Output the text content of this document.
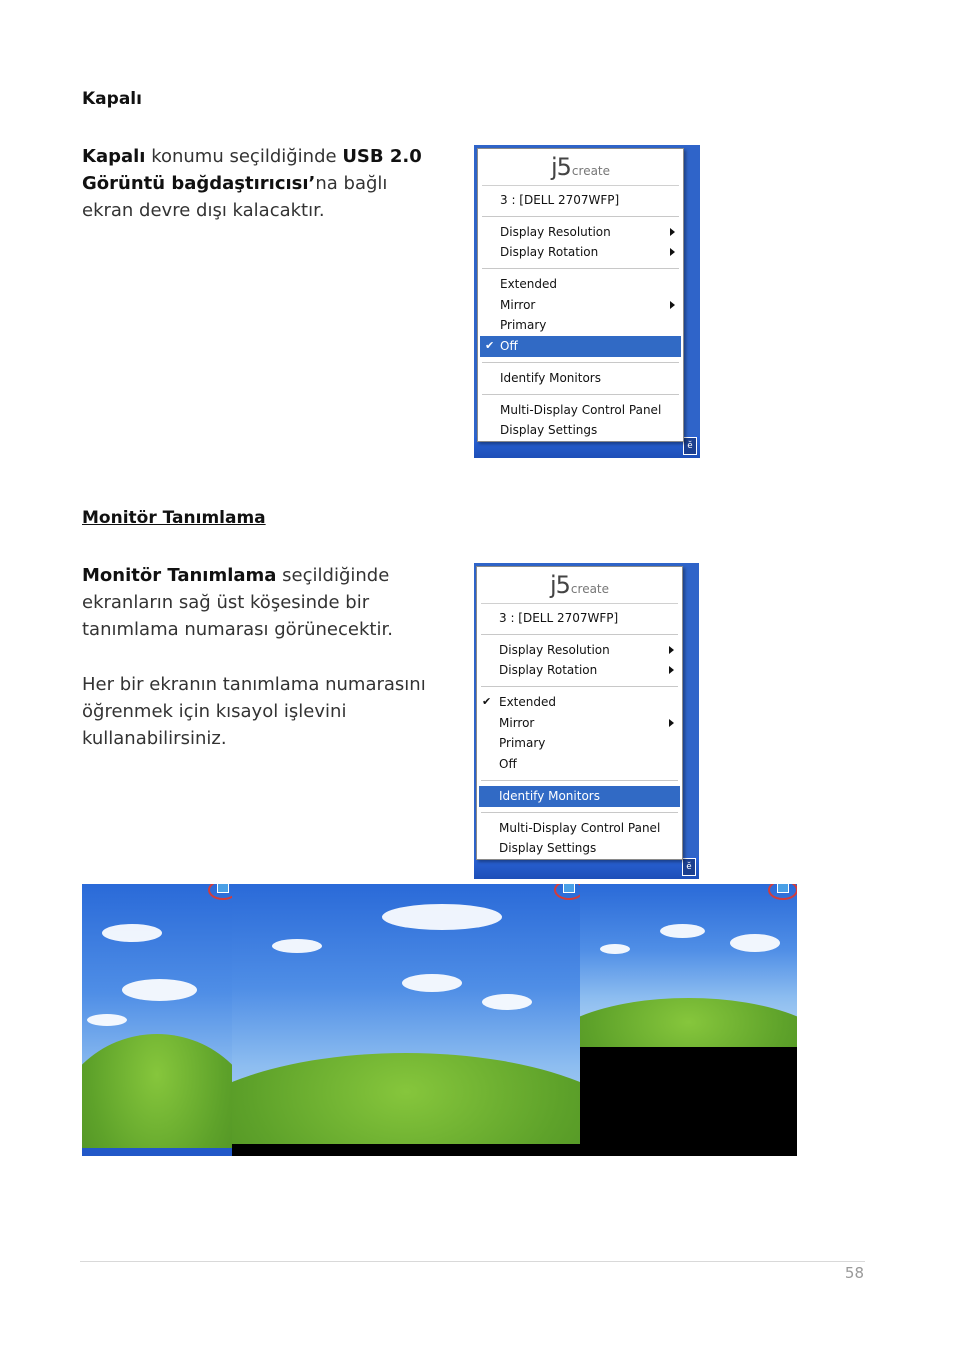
Kapalı
Kapalı konumu seçildiğinde USB 2.0 Görüntü bağdaştırıcısı’na bağlı ekran devre dışı kalacaktır.
ĕ
j5create
3 : [DELL 2707WFP]
Display Resolution
Display Rotation
Extended
Mirror
Primary
✔ Off
Identify Monitors
Multi-Display Control Panel
Display Settings
Monitör Tanımlama
Monitör Tanımlama seçildiğinde ekranların sağ üst köşesinde bir tanımlama numarası görünecektir.
Her bir ekranın tanımlama numarasını öğrenmek için kısayol işlevini kullanabilirsiniz.
ĕ
j5create
3 : [DELL 2707WFP]
Display Resolution
Display Rotation
✔ Extended
Mirror
Primary
Off
Identify Monitors
Multi-Display Control Panel
Display Settings
58
